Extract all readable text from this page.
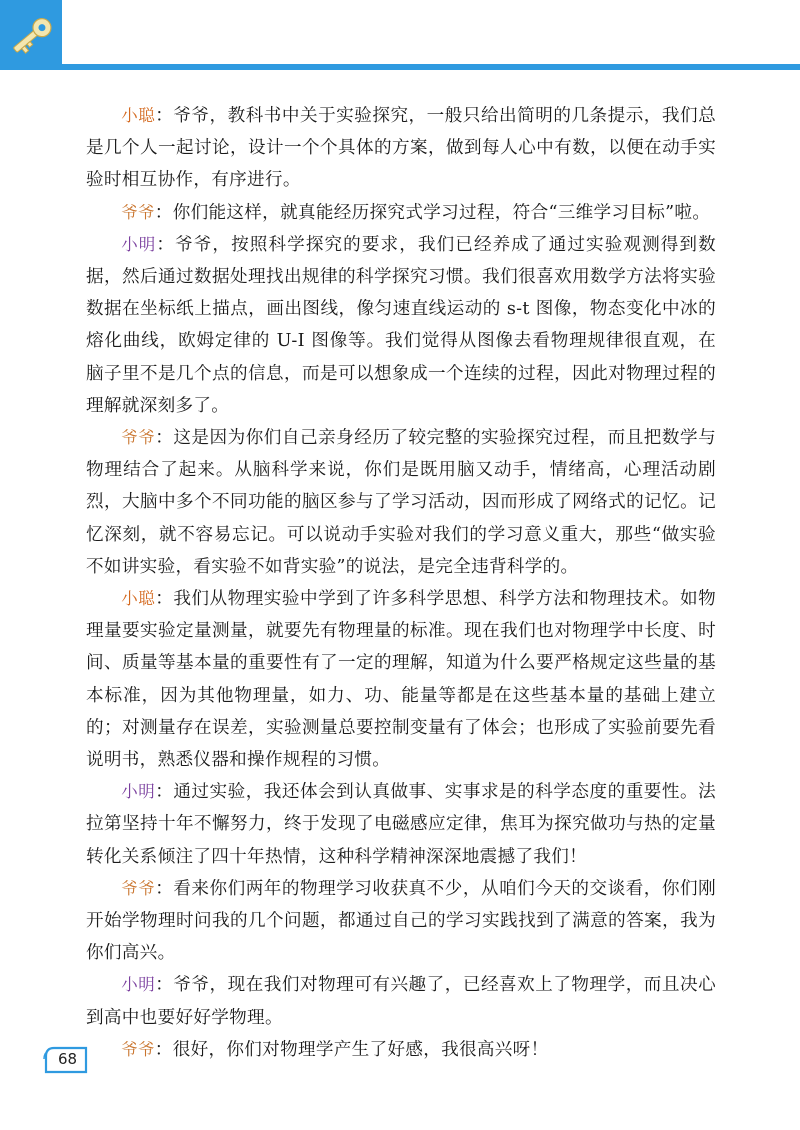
小聪：爷爷，教科书中关于实验探究，一般只给出简明的几条提示，我们总是几个人一起讨论，设计一个个具体的方案，做到每人心中有数，以便在动手实验时相互协作，有序进行。

爷爷：你们能这样，就真能经历探究式学习过程，符合“三维学习目标”啦。

小明：爷爷，按照科学探究的要求，我们已经养成了通过实验观测得到数据，然后通过数据处理找出规律的科学探究习惯。我们很喜欢用数学方法将实验数据在坐标纸上描点，画出图线，像匀速直线运动的 s-t 图像，物态变化中冰的熔化曲线，欧姆定律的 U-I 图像等。我们觉得从图像去看物理规律很直观，在脑子里不是几个点的信息，而是可以想象成一个连续的过程，因此对物理过程的理解就深刻多了。

爷爷：这是因为你们自己亲身经历了较完整的实验探究过程，而且把数学与物理结合了起来。从脑科学来说，你们是既用脑又动手，情绪高，心理活动剧烈，大脑中多个不同功能的脑区参与了学习活动，因而形成了网络式的记忆。记忆深刻，就不容易忘记。可以说动手实验对我们的学习意义重大，那些“做实验不如讲实验，看实验不如背实验”的说法，是完全违背科学的。

小聪：我们从物理实验中学到了许多科学思想、科学方法和物理技术。如物理量要实验定量测量，就要先有物理量的标准。现在我们也对物理学中长度、时间、质量等基本量的重要性有了一定的理解，知道为什么要严格规定这些量的基本标准，因为其他物理量，如力、功、能量等都是在这些基本量的基础上建立的；对测量存在误差，实验测量总要控制变量有了体会；也形成了实验前要先看说明书，熟悉仪器和操作规程的习惯。

小明：通过实验，我还体会到认真做事、实事求是的科学态度的重要性。法拉第坚持十年不懈努力，终于发现了电磁感应定律，焦耳为探究做功与热的定量转化关系倾注了四十年热情，这种科学精神深深地震撼了我们！

爷爷：看来你们两年的物理学习收获真不少，从咱们今天的交谈看，你们刚开始学物理时问我的几个问题，都通过自己的学习实践找到了满意的答案，我为你们高兴。

小明：爷爷，现在我们对物理可有兴趣了，已经喜欢上了物理学，而且决心到高中也要好好学物理。

爷爷：很好，你们对物理学产生了好感，我很高兴呀！

68
